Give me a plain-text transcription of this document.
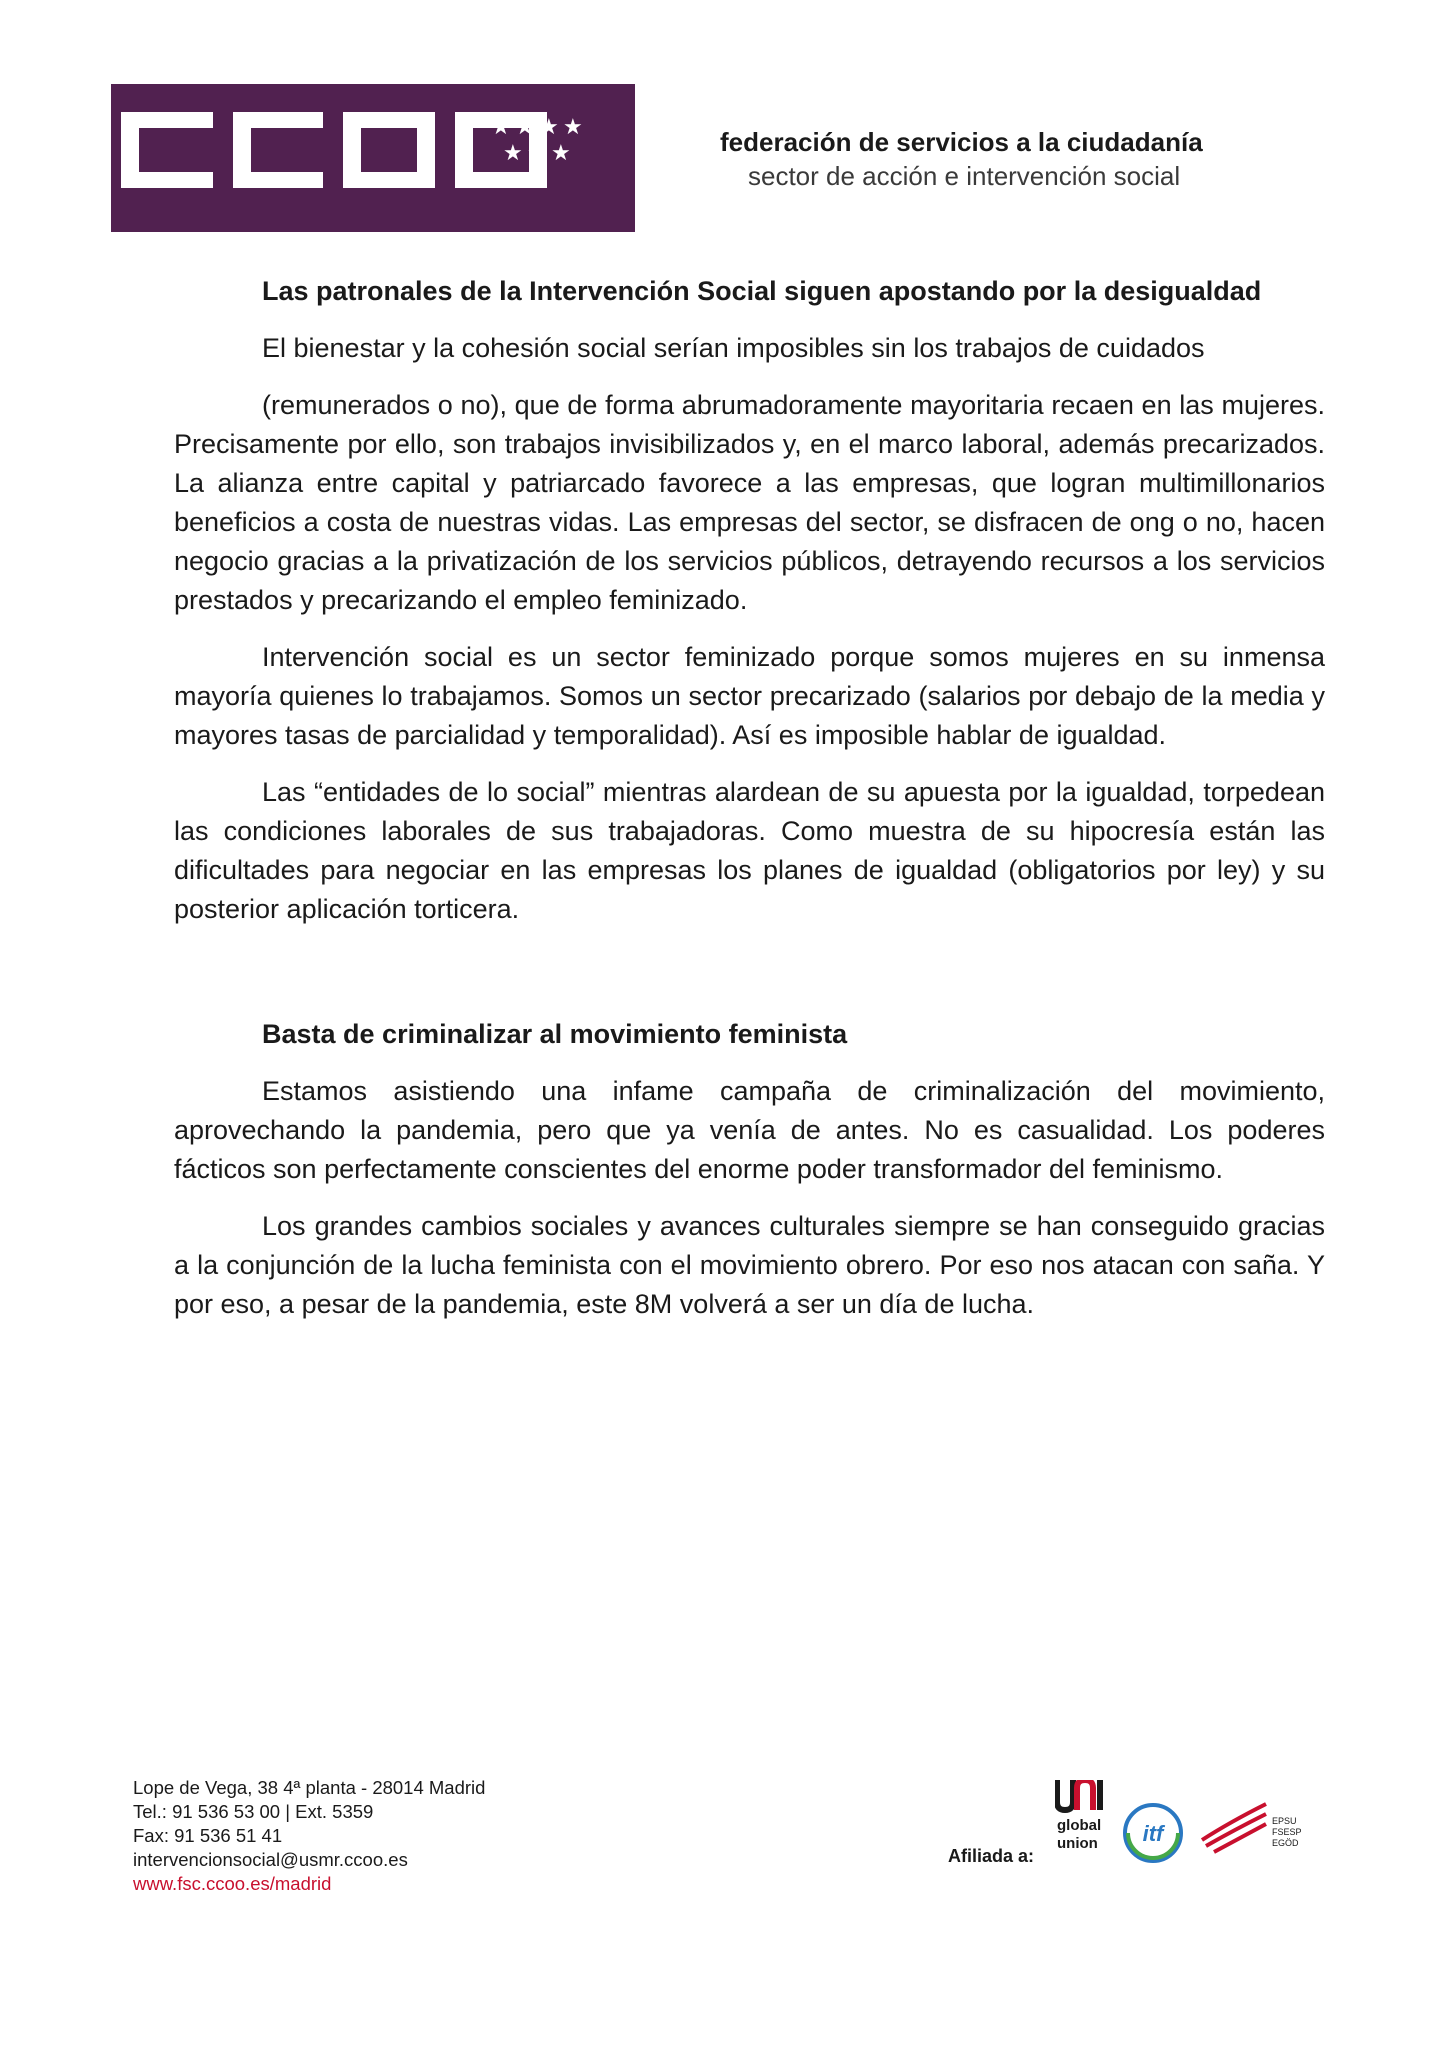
★ ★ ★ ★
★ ★ ★	federación de servicios a la ciudadanía
sector de acción e intervención social
Las patronales de la Intervención Social siguen apostando por la desigualdad

El bienestar y la cohesión social serían imposibles sin los trabajos de cuidados

(remunerados o no), que de forma abrumadoramente mayoritaria recaen en las mujeres. Precisamente por ello, son trabajos invisibilizados y, en el marco laboral, además precarizados. La alianza entre capital y patriarcado favorece a las empresas, que logran multimillonarios beneficios a costa de nuestras vidas. Las empresas del sector, se disfracen de ong o no, hacen negocio gracias a la privatización de los servicios públicos, detrayendo recursos a los servicios prestados y precarizando el empleo feminizado.

Intervención social es un sector feminizado porque somos mujeres en su inmensa mayoría quienes lo trabajamos. Somos un sector precarizado (salarios por debajo de la media y mayores tasas de parcialidad y temporalidad). Así es imposible hablar de igualdad.

Las “entidades de lo social” mientras alardean de su apuesta por la igualdad, torpedean las condiciones laborales de sus trabajadoras. Como muestra de su hipocresía están las dificultades para negociar en las empresas los planes de igualdad (obligatorios por ley) y su posterior aplicación torticera.

Basta de criminalizar al movimiento feminista

Estamos asistiendo una infame campaña de criminalización del movimiento, aprovechando la pandemia, pero que ya venía de antes. No es casualidad. Los poderes fácticos son perfectamente conscientes del enorme poder transformador del feminismo.

Los grandes cambios sociales y avances culturales siempre se han conseguido gracias a la conjunción de la lucha feminista con el movimiento obrero. Por eso nos atacan con saña. Y por eso, a pesar de la pandemia, este 8M volverá a ser un día de lucha.

Lope de Vega, 38 4ª planta - 28014 Madrid
Tel.: 91 536 53 00 | Ext. 5359
Fax: 91 536 51 41
intervencionsocial@usmr.ccoo.es
www.fsc.ccoo.es/madrid
Afiliada a:
global
union itf	EPSU
FSESP
EGÖD
